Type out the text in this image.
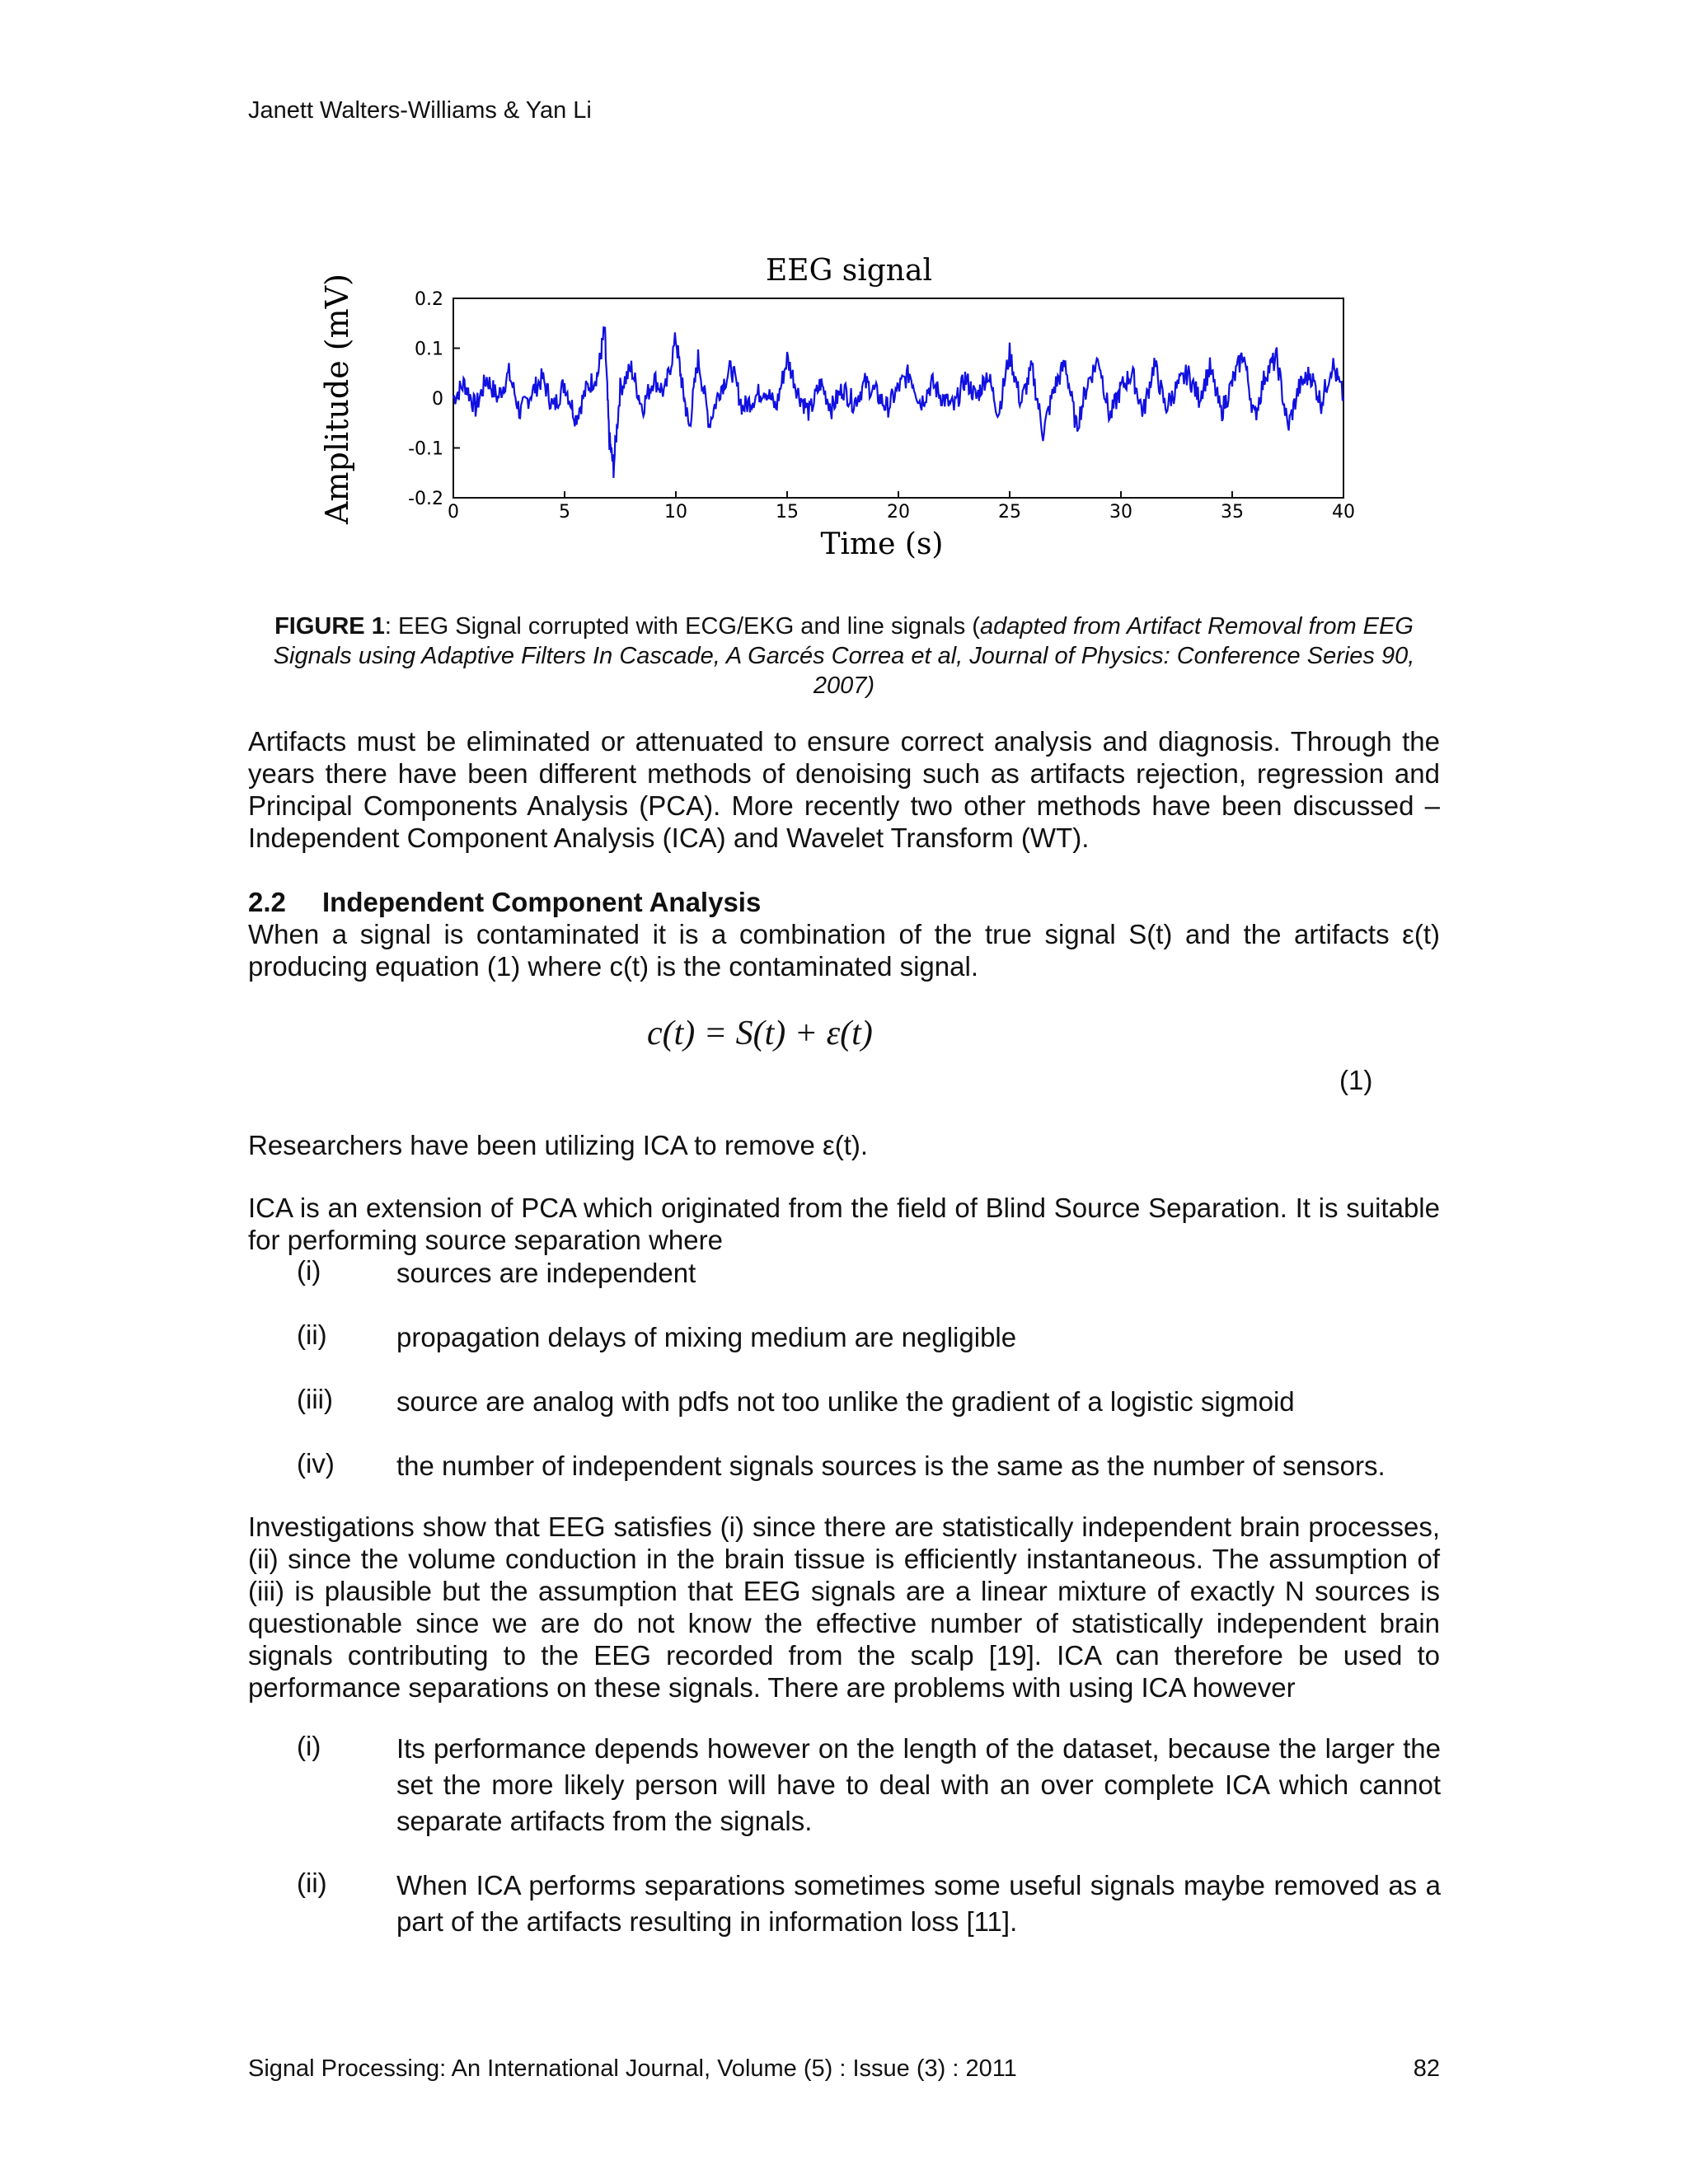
Janett Walters-Williams & Yan Li
EEG signal
0	5	10	15	20	25	30	35	40
0.2
0.1
0
-0.1
-0.2
Time (s)
Amplitude (mV)
FIGURE 1: EEG Signal corrupted with ECG/EKG and line signals (adapted from Artifact Removal from EEG Signals using Adaptive Filters In Cascade, A Garcés Correa et al, Journal of Physics: Conference Series 90, 2007)
Artifacts must be eliminated or attenuated to ensure correct analysis and diagnosis. Through the years there have been different methods of denoising such as artifacts rejection, regression and Principal Components Analysis (PCA). More recently two other methods have been discussed – Independent Component Analysis (ICA) and Wavelet Transform (WT).
2.2 Independent Component Analysis
When a signal is contaminated it is a combination of the true signal S(t) and the artifacts ε(t) producing equation (1) where c(t) is the contaminated signal.
c(t) = S(t) + ε(t)
(1)
Researchers have been utilizing ICA to remove ε(t).
ICA is an extension of PCA which originated from the field of Blind Source Separation. It is suitable for performing source separation where
(i)	sources are independent
(ii)	propagation delays of mixing medium are negligible
(iii)	source are analog with pdfs not too unlike the gradient of a logistic sigmoid
(iv)	the number of independent signals sources is the same as the number of sensors.
Investigations show that EEG satisfies (i) since there are statistically independent brain processes, (ii) since the volume conduction in the brain tissue is efficiently instantaneous. The assumption of (iii) is plausible but the assumption that EEG signals are a linear mixture of exactly N sources is questionable since we are do not know the effective number of statistically independent brain signals contributing to the EEG recorded from the scalp [19]. ICA can therefore be used to performance separations on these signals. There are problems with using ICA however
(i)	Its performance depends however on the length of the dataset, because the larger the set the more likely person will have to deal with an over complete ICA which cannot separate artifacts from the signals.
(ii)	When ICA performs separations sometimes some useful signals maybe removed as a part of the artifacts resulting in information loss [11].
Signal Processing: An International Journal, Volume (5) : Issue (3) : 2011	82
